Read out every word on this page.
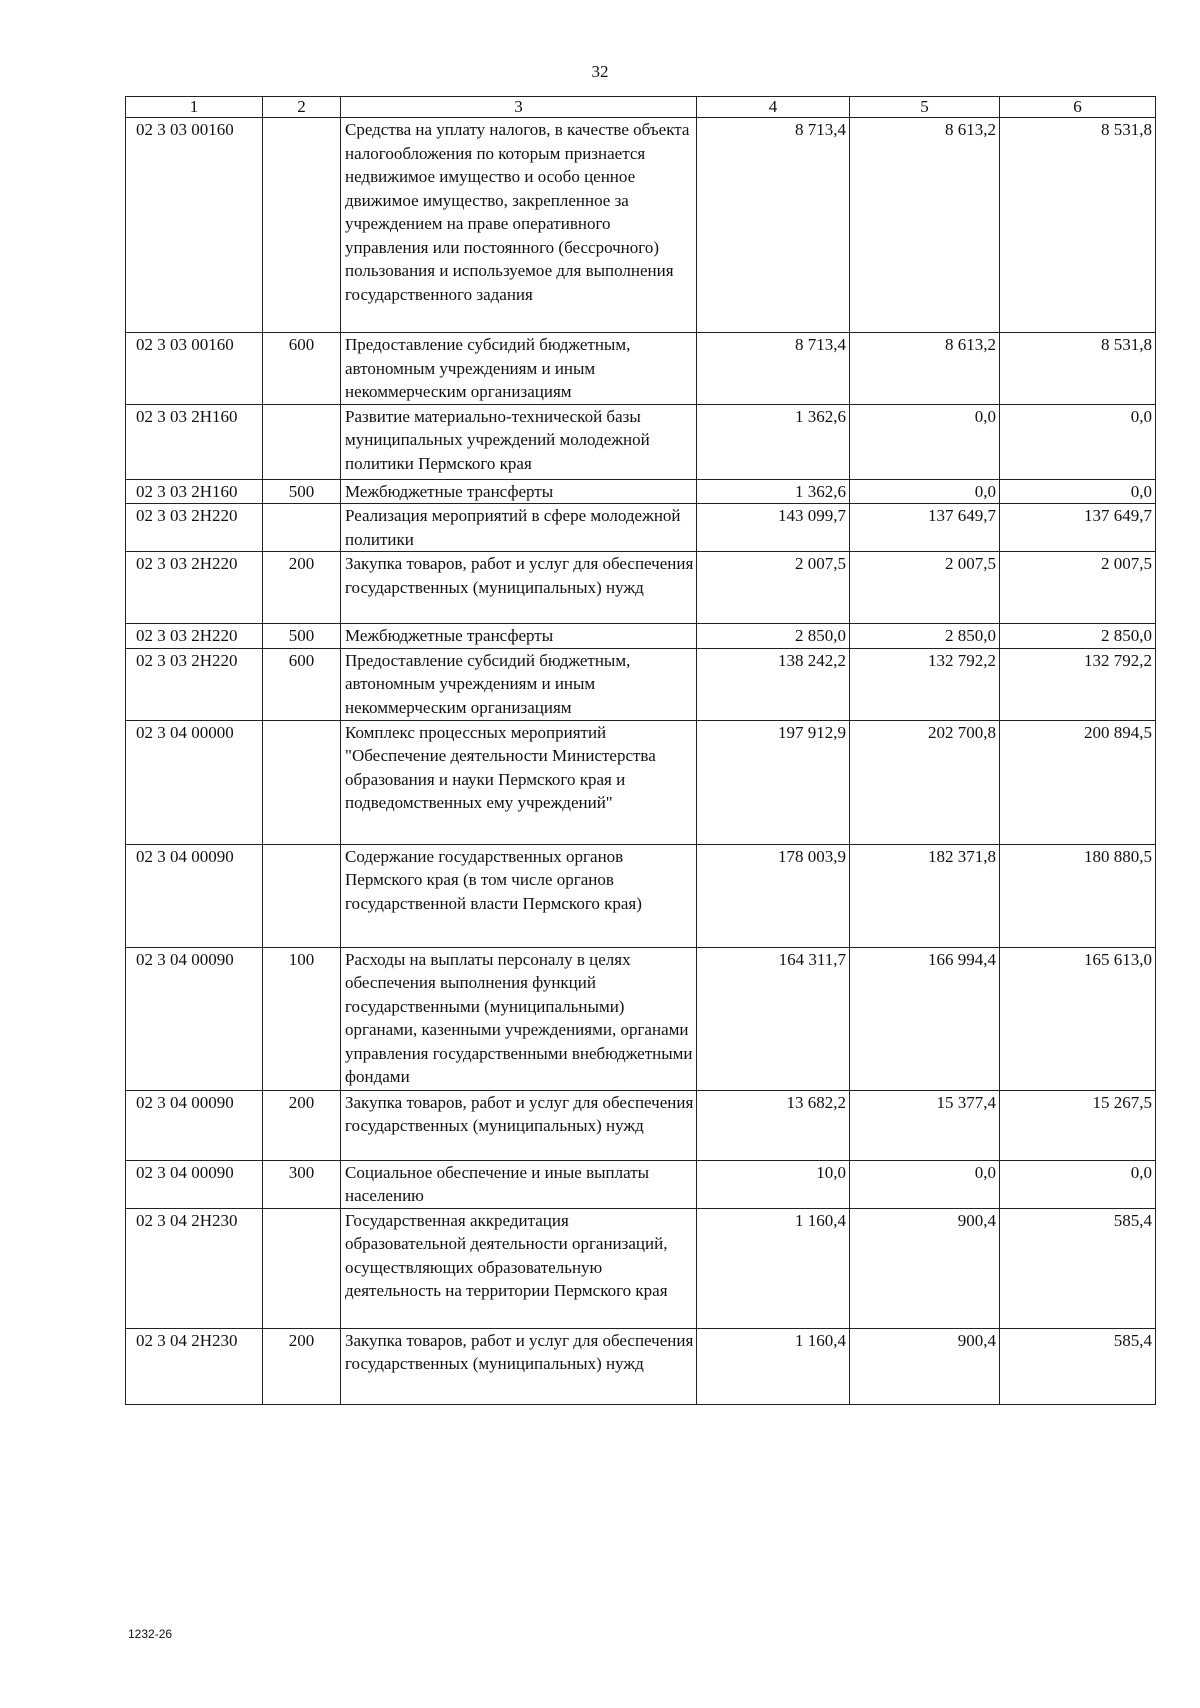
32
1	2	3	4	5	6
02 3 03 00160		Средства на уплату налогов, в качестве объекта налогообложения по которым признается недвижимое имущество и особо ценное движимое имущество, закрепленное за учреждением на праве оперативного управления или постоянного (бессрочного) пользования и используемое для выполнения государственного задания	8 713,4	8 613,2	8 531,8
02 3 03 00160	600	Предоставление субсидий бюджетным, автономным учреждениям и иным некоммерческим организациям	8 713,4	8 613,2	8 531,8
02 3 03 2Н160		Развитие материально-технической базы муниципальных учреждений молодежной политики Пермского края	1 362,6	0,0	0,0
02 3 03 2Н160	500	Межбюджетные трансферты	1 362,6	0,0	0,0
02 3 03 2Н220		Реализация мероприятий в сфере молодежной политики	143 099,7	137 649,7	137 649,7
02 3 03 2Н220	200	Закупка товаров, работ и услуг для обеспечения государственных (муниципальных) нужд	2 007,5	2 007,5	2 007,5
02 3 03 2Н220	500	Межбюджетные трансферты	2 850,0	2 850,0	2 850,0
02 3 03 2Н220	600	Предоставление субсидий бюджетным, автономным учреждениям и иным некоммерческим организациям	138 242,2	132 792,2	132 792,2
02 3 04 00000		Комплекс процессных мероприятий "Обеспечение деятельности Министерства образования и науки Пермского края и подведомственных ему учреждений"	197 912,9	202 700,8	200 894,5
02 3 04 00090		Содержание государственных органов Пермского края (в том числе органов государственной власти Пермского края)	178 003,9	182 371,8	180 880,5
02 3 04 00090	100	Расходы на выплаты персоналу в целях обеспечения выполнения функций государственными (муниципальными) органами, казенными учреждениями, органами управления государственными внебюджетными фондами	164 311,7	166 994,4	165 613,0
02 3 04 00090	200	Закупка товаров, работ и услуг для обеспечения государственных (муниципальных) нужд	13 682,2	15 377,4	15 267,5
02 3 04 00090	300	Социальное обеспечение и иные выплаты населению	10,0	0,0	0,0
02 3 04 2Н230		Государственная аккредитация образовательной деятельности организаций, осуществляющих образовательную деятельность на территории Пермского края	1 160,4	900,4	585,4
02 3 04 2Н230	200	Закупка товаров, работ и услуг для обеспечения государственных (муниципальных) нужд	1 160,4	900,4	585,4
1232-26
